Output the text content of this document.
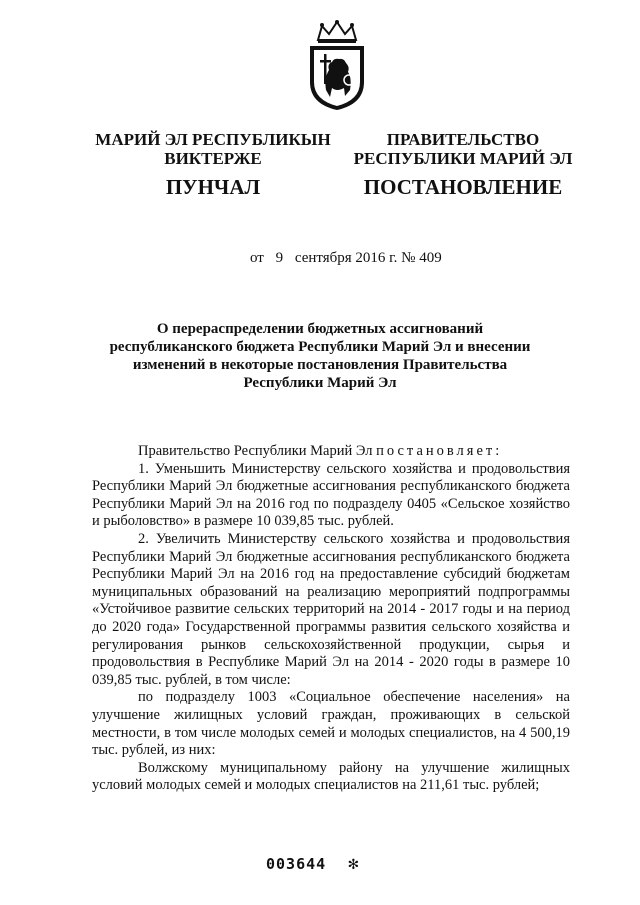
МАРИЙ ЭЛ РЕСПУБЛИКЫН
ВИКТЕРЖЕ
ПРАВИТЕЛЬСТВО
РЕСПУБЛИКИ МАРИЙ ЭЛ
ПУНЧАЛ	ПОСТАНОВЛЕНИЕ
от 9 сентября 2016 г. № 409
О перераспределении бюджетных ассигнований
республиканского бюджета Республики Марий Эл и внесении
изменений в некоторые постановления Правительства
Республики Марий Эл

Правительство Республики Марий Эл постановляет:

1. Уменьшить Министерству сельского хозяйства и продовольствия Республики Марий Эл бюджетные ассигнования республиканского бюджета Республики Марий Эл на 2016 год по подразделу 0405 «Сельское хозяйство и рыболовство» в размере 10 039,85 тыс. рублей.

2. Увеличить Министерству сельского хозяйства и продовольствия Республики Марий Эл бюджетные ассигнования республиканского бюджета Республики Марий Эл на 2016 год на предоставление субсидий бюджетам муниципальных образований на реализацию мероприятий подпрограммы «Устойчивое развитие сельских территорий на 2014 - 2017 годы и на период до 2020 года» Государственной программы развития сельского хозяйства и регулирования рынков сельскохозяйственной продукции, сырья и продовольствия в Республике Марий Эл на 2014 - 2020 годы в размере 10 039,85 тыс. рублей, в том числе:

по подразделу 1003 «Социальное обеспечение населения» на улучшение жилищных условий граждан, проживающих в сельской местности, в том числе молодых семей и молодых специалистов, на 4 500,19 тыс. рублей, из них:

Волжскому муниципальному району на улучшение жилищных условий молодых семей и молодых специалистов на 211,61 тыс. рублей;

003644 ✻
